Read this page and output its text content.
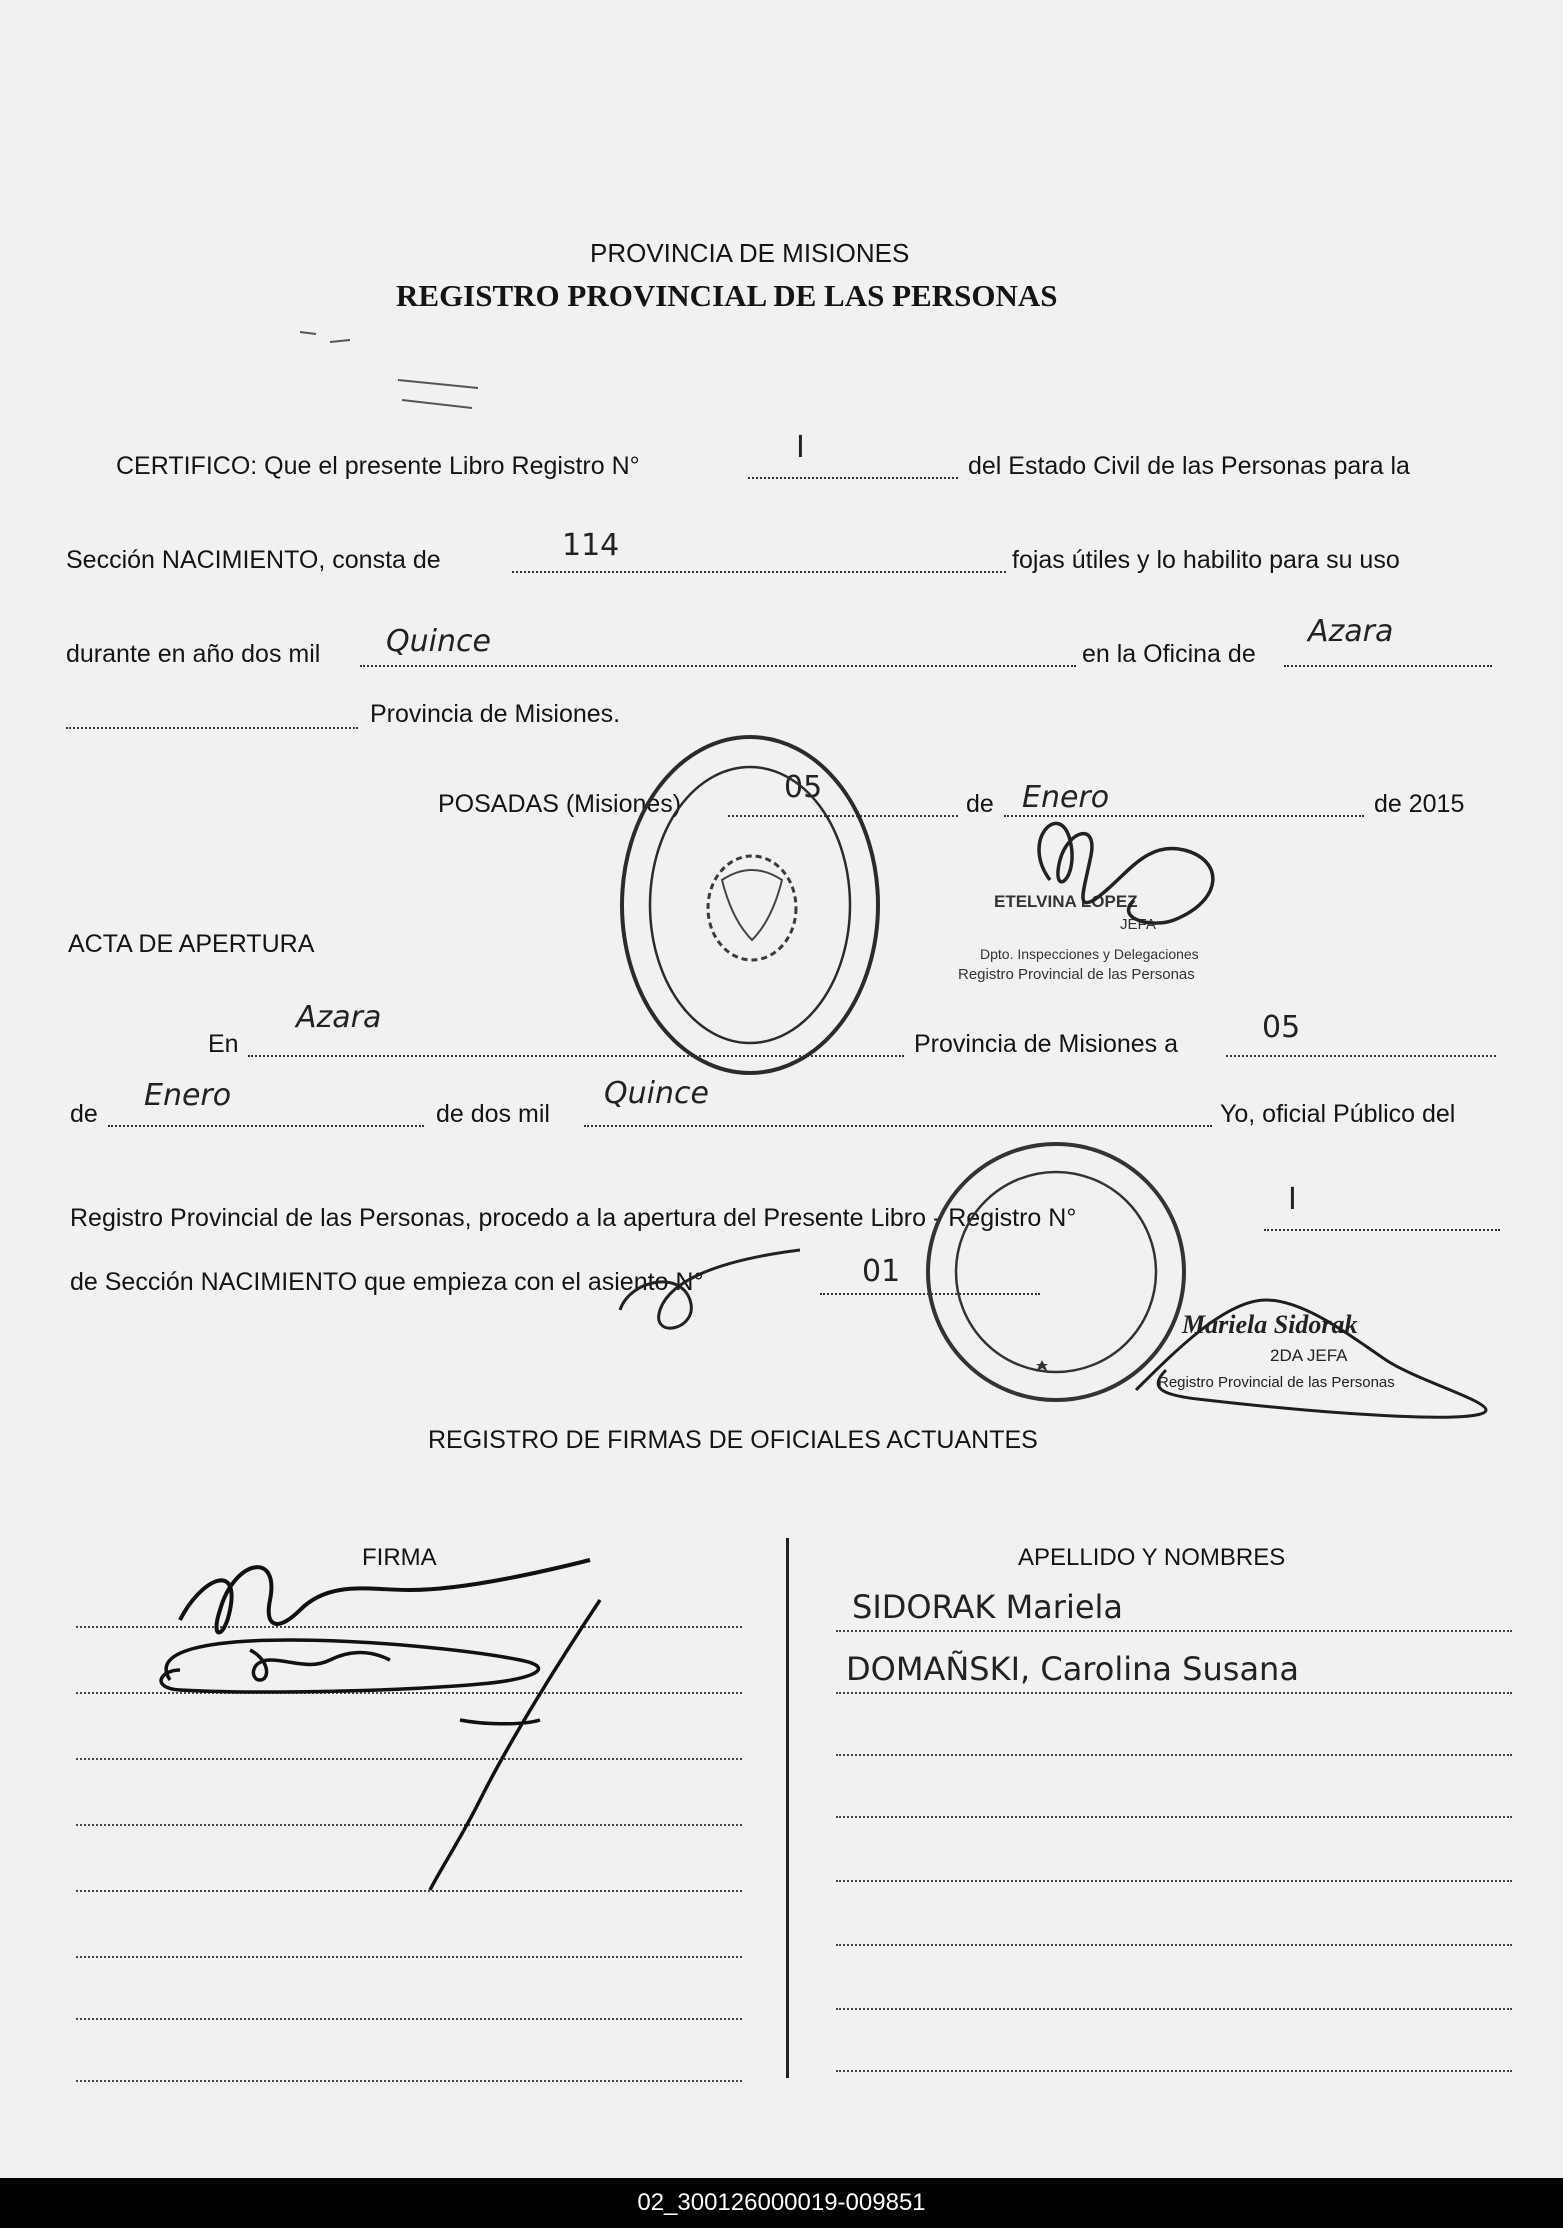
PROVINCIA DE MISIONES
REGISTRO PROVINCIAL DE LAS PERSONAS
CERTIFICO: Que el presente Libro Registro N°
I
del Estado Civil de las Personas para la
Sección NACIMIENTO, consta de	114	fojas útiles y lo habilito para su uso
durante en año dos mil Quince	en la Oficina de
Azara
Provincia de Misiones.
POSADAS (Misiones)	05	de Enero	de 2015
ACTA DE APERTURA
En
Azara
Provincia de Misiones a	05
de
Enero
de dos mil
Quince
Yo, oficial Público del
Registro Provincial de las Personas, procedo a la apertura del Presente Libro - Registro N°
I
de Sección NACIMIENTO que empieza con el asiento N°	01
ETELVINA LOPEZ
JEFA
Dpto. Inspecciones y Delegaciones
Registro Provincial de las Personas
Mariela Sidorak
2DA JEFA
Registro Provincial de las Personas
REGISTRO DE FIRMAS DE OFICIALES ACTUANTES
FIRMA	APELLIDO Y NOMBRES
SIDORAK Mariela
DOMAÑSKI, Carolina Susana
02_300126000019-009851
